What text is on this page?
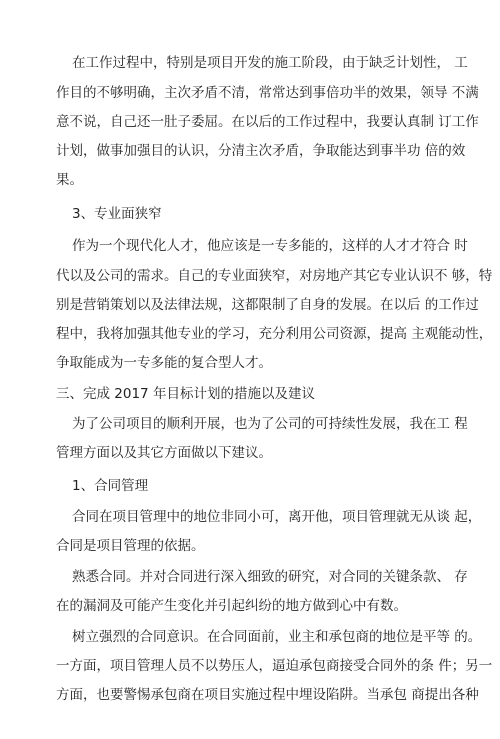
在工作过程中，特别是项目开发的施工阶段，由于缺乏计划性， 工
作目的不够明确，主次矛盾不清，常常达到事倍功半的效果，领导 不满
意不说，自己还一肚子委屈。在以后的工作过程中，我要认真制 订工作
计划，做事加强目的认识，分清主次矛盾，争取能达到事半功 倍的效
果。
3、专业面狭窄
作为一个现代化人才，他应该是一专多能的，这样的人才才符合 时
代以及公司的需求。自己的专业面狭窄，对房地产其它专业认识不 够，特
别是营销策划以及法律法规，这都限制了自身的发展。在以后 的工作过
程中，我将加强其他专业的学习，充分利用公司资源，提高 主观能动性，
争取能成为一专多能的复合型人才。
三、完成 2017 年目标计划的措施以及建议
为了公司项目的顺利开展，也为了公司的可持续性发展，我在工 程
管理方面以及其它方面做以下建议。
1、合同管理
合同在项目管理中的地位非同小可，离开他，项目管理就无从谈 起，
合同是项目管理的依据。
熟悉合同。并对合同进行深入细致的研究，对合同的关键条款、 存
在的漏洞及可能产生变化并引起纠纷的地方做到心中有数。
树立强烈的合同意识。在合同面前，业主和承包商的地位是平等 的。
一方面，项目管理人员不以势压人，逼迫承包商接受合同外的条 件；另一
方面，也要警惕承包商在项目实施过程中埋设陷阱。当承包 商提出各种
